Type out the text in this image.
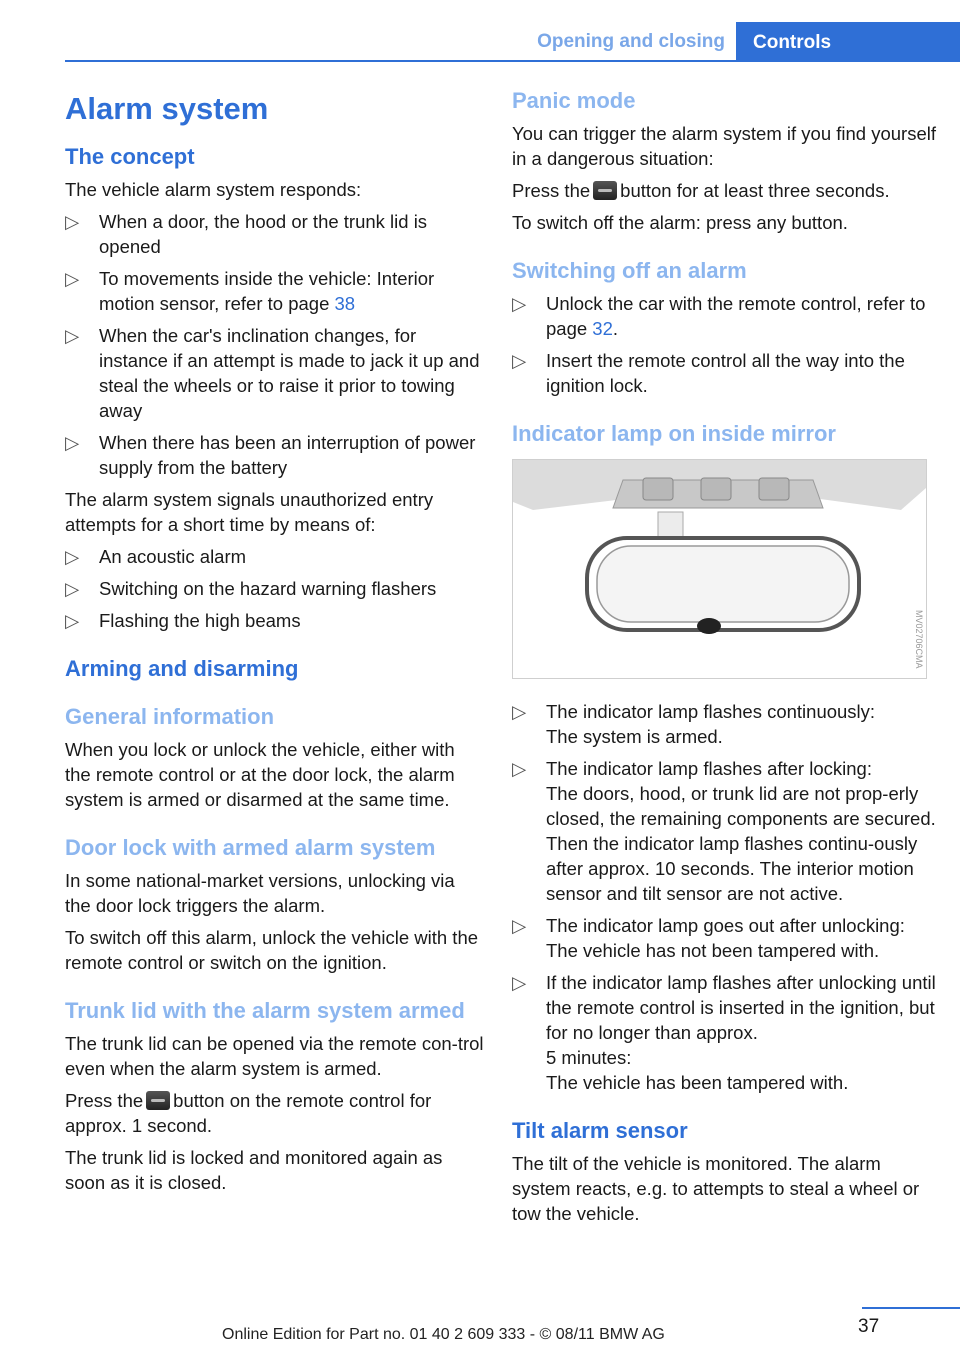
Opening and closing	Controls
Alarm system
The concept

The vehicle alarm system responds:

▷ When a door, the hood or the trunk lid is opened
▷ To movements inside the vehicle: Interior motion sensor, refer to page 38
▷ When the car's inclination changes, for instance if an attempt is made to jack it up and steal the wheels or to raise it prior to towing away
▷ When there has been an interruption of power supply from the battery

The alarm system signals unauthorized entry attempts for a short time by means of:

▷ An acoustic alarm
▷ Switching on the hazard warning flashers
▷ Flashing the high beams
Arming and disarming
General information

When you lock or unlock the vehicle, either with the remote control or at the door lock, the alarm system is armed or disarmed at the same time.

Door lock with armed alarm system

In some national-market versions, unlocking via the door lock triggers the alarm.

To switch off this alarm, unlock the vehicle with the remote control or switch on the ignition.

Trunk lid with the alarm system armed

The trunk lid can be opened via the remote con-trol even when the alarm system is armed.

Press the button on the remote control for approx. 1 second.

The trunk lid is locked and monitored again as soon as it is closed.

Panic mode

You can trigger the alarm system if you find yourself in a dangerous situation:

Press the button for at least three seconds.

To switch off the alarm: press any button.

Switching off an alarm
▷ Unlock the car with the remote control, refer to page 32.
▷ Insert the remote control all the way into the ignition lock.
Indicator lamp on inside mirror
MV02706CMA
▷ The indicator lamp flashes continuously:
The system is armed.
▷ The indicator lamp flashes after locking:
The doors, hood, or trunk lid are not prop-erly closed, the remaining components are secured.
Then the indicator lamp flashes continu-ously after approx. 10 seconds. The interior motion sensor and tilt sensor are not active.
▷ The indicator lamp goes out after unlocking:
The vehicle has not been tampered with.
▷ If the indicator lamp flashes after unlocking until the remote control is inserted in the ignition, but for no longer than approx.
5 minutes:
The vehicle has been tampered with.
Tilt alarm sensor

The tilt of the vehicle is monitored. The alarm system reacts, e.g. to attempts to steal a wheel or tow the vehicle.

37
Online Edition for Part no. 01 40 2 609 333 - © 08/11 BMW AG
